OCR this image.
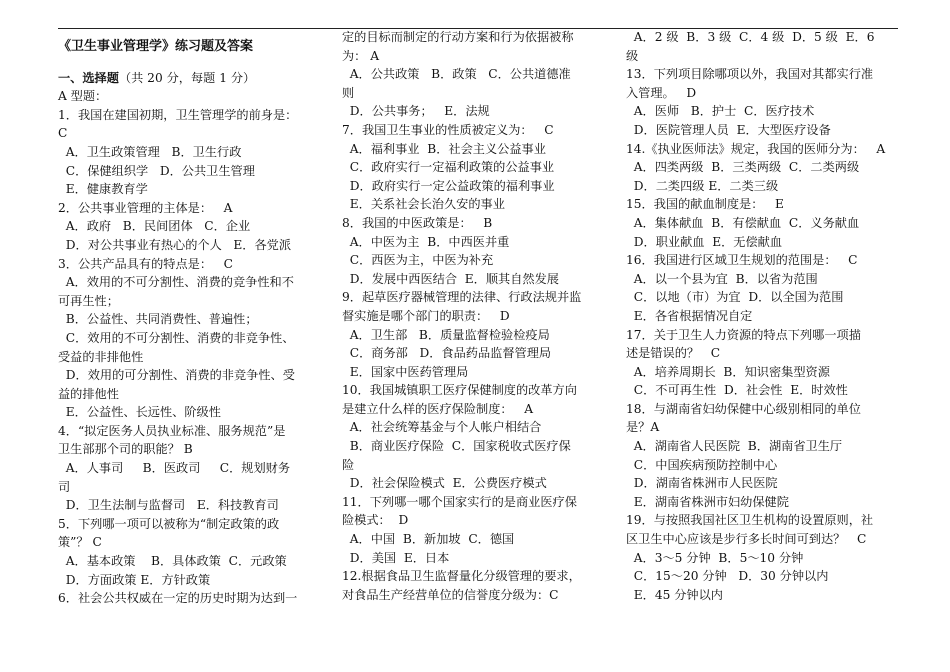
《卫生事业管理学》练习题及答案
一、选择题（共 20 分，每题 1 分）
A 型题：
1．我国在建国初期，卫生管理学的前身是：
C
A．卫生政策管理   B．卫生行政
C．保健组织学   D．公共卫生管理
E．健康教育学
2．公共事业管理的主体是：   A
A．政府   B．民间团体   C．企业
D．对公共事业有热心的个人   E．各党派
3．公共产品具有的特点是：   C
A．效用的不可分割性、消费的竞争性和不
可再生性；
B．公益性、共同消费性、普遍性；
C．效用的不可分割性、消费的非竞争性、
受益的非排他性
D．效用的可分割性、消费的非竞争性、受
益的排他性
E．公益性、长远性、阶级性
4．“拟定医务人员执业标准、服务规范”是
卫生部那个司的职能？ B
A．人事司     B．医政司     C．规划财务
司
D．卫生法制与监督司   E．科技教育司
5．下列哪一项可以被称为“制定政策的政
策”？ C
A．基本政策    B．具体政策  C．元政策
D．方面政策 E．方针政策
6．社会公共权威在一定的历史时期为达到一
定的目标而制定的行动方案和行为依据被称
为： A
A．公共政策   B．政策   C．公共道德准
则
D．公共事务；   E．法规
7．我国卫生事业的性质被定义为：   C
A．福利事业  B．社会主义公益事业
C．政府实行一定福利政策的公益事业
D．政府实行一定公益政策的福利事业
E．关系社会长治久安的事业
8．我国的中医政策是：   B
A．中医为主  B．中西医并重
C．西医为主，中医为补充
D．发展中西医结合  E．顺其自然发展
9．起草医疗器械管理的法律、行政法规并监
督实施是哪个部门的职责：   D
A．卫生部   B．质量监督检验检疫局
C．商务部   D．食品药品监督管理局
E．国家中医药管理局
10．我国城镇职工医疗保健制度的改革方向
是建立什么样的医疗保险制度：   A
A．社会统筹基金与个人帐户相结合
B．商业医疗保险  C．国家税收式医疗保
险
D．社会保险模式  E．公费医疗模式
11．下列哪一哪个国家实行的是商业医疗保
险模式：  D
A．中国  B．新加坡  C．德国
D．美国  E．日本
12.根据食品卫生监督量化分级管理的要求，
对食品生产经营单位的信誉度分级为：C
A．2 级  B．3 级  C．4 级  D．5 级  E．6
级
13．下列项目除哪项以外，我国对其都实行准
入管理。   D
A．医师   B．护士  C．医疗技术
D．医院管理人员  E．大型医疗设备
14.《执业医师法》规定，我国的医师分为：   A
A．四类两级  B．三类两级  C．二类两级
D．二类四级 E．二类三级
15．我国的献血制度是：   E
A．集体献血  B．有偿献血  C．义务献血
D．职业献血  E．无偿献血
16．我国进行区域卫生规划的范围是：   C
A．以一个县为宜  B．以省为范围
C．以地（市）为宜  D．以全国为范围
E．各省根据情况自定
17．关于卫生人力资源的特点下列哪一项描
述是错误的？   C
A．培养周期长  B．知识密集型资源
C．不可再生性  D．社会性  E．时效性
18．与湖南省妇幼保健中心级别相同的单位
是？A
A．湖南省人民医院  B．湖南省卫生厅
C．中国疾病预防控制中心
D．湖南省株洲市人民医院
E．湖南省株洲市妇幼保健院
19．与按照我国社区卫生机构的设置原则，社
区卫生中心应该是步行多长时间可到达？   C
A．3～5 分钟  B．5～10 分钟
C．15～20 分钟   D．30 分钟以内
E．45 分钟以内
